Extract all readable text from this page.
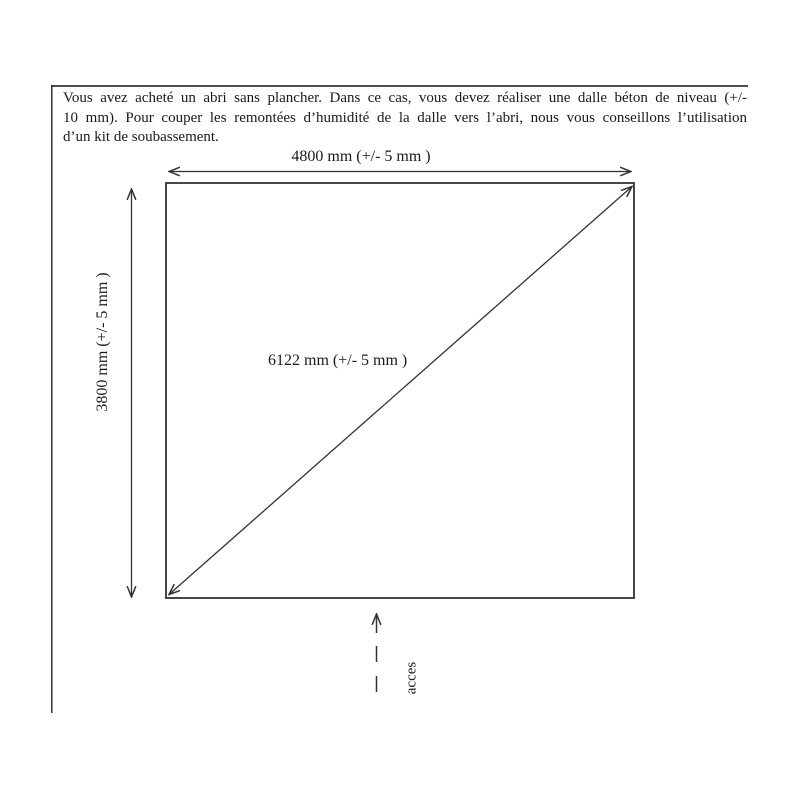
Vous avez acheté un abri sans plancher. Dans ce cas, vous devez réaliser une dalle béton de niveau (+/-
10 mm). Pour couper les remontées d’humidité de la dalle vers l’abri, nous vous conseillons l’utilisation
d’un kit de soubassement.
4800 mm (+/- 5 mm )
3800 mm (+/- 5 mm )	6122 mm (+/- 5 mm )
acces
